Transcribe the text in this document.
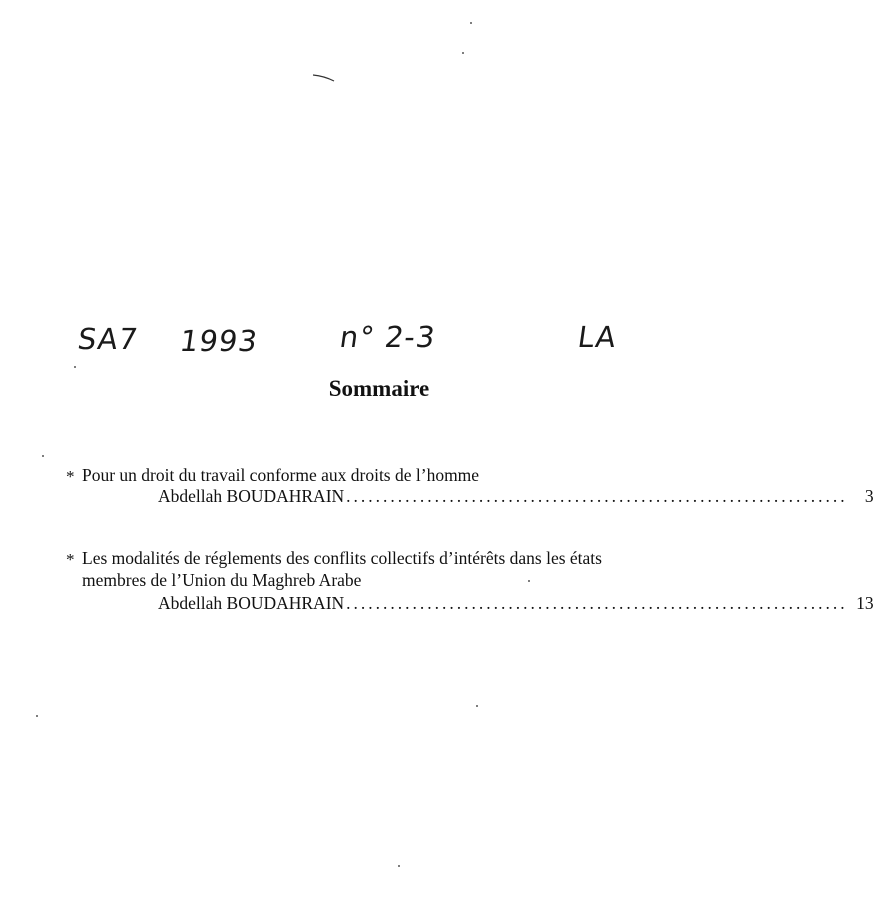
SA7 1993	n° 2-3	LA
Sommaire
* Pour un droit du travail conforme aux droits de l’homme
Abdellah BOUDAHRAIN .................................................................... 3
* Les modalités de réglements des conflits collectifs d’intérêts dans les états
membres de l’Union du Maghreb Arabe
Abdellah BOUDAHRAIN .................................................................... 13
